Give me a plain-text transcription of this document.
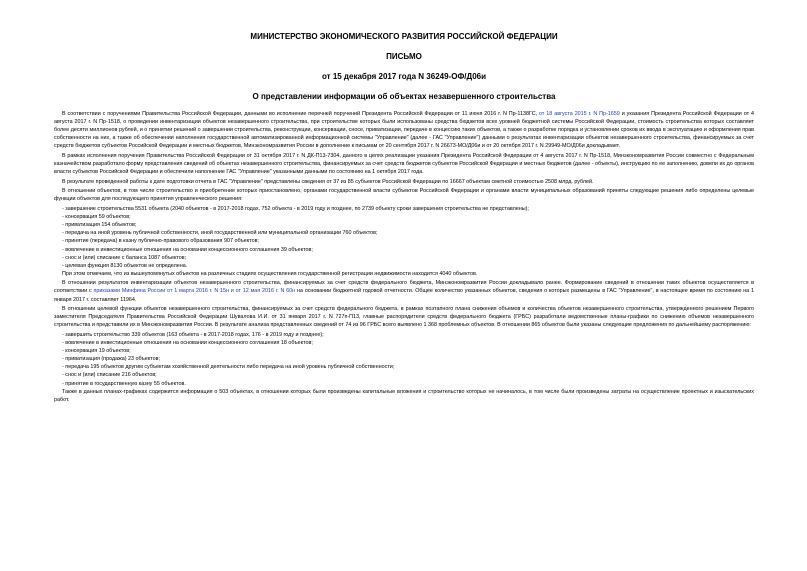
МИНИСТЕРСТВО ЭКОНОМИЧЕСКОГО РАЗВИТИЯ РОССИЙСКОЙ ФЕДЕРАЦИИ

ПИСЬМО

от 15 декабря 2017 года N 36249-ОФ/Д06и

О представлении информации об объектах незавершенного строительства

В соответствии с поручениями Правительства Российской Федерации, данными во исполнение перечней поручений Президента Российской Федерации от 11 июня 2016 г. N Пр-1138ГС, от 18 августа 2015 г. N Пр-1659 и указания Президента Российской Федерации от 4 августа 2017 г. N Пр-1518, о проведении инвентаризации объектов незавершенного строительства, при строительстве которых были использованы средства бюджетов всех уровней бюджетной системы Российской Федерации, стоимость строительства которых составляет более десяти миллионов рублей, и о принятии решений о завершении строительства, реконструкции, консервации, сносе, приватизации, передаче в концессию таких объектов, а также о разработке порядка и установлении сроков их ввода в эксплуатацию и оформления прав собственности на них, а также об обеспечении наполнения государственной автоматизированной информационной системы "Управление" (далее - ГАС "Управление") данными о результатах инвентаризации объектов незавершенного строительства, финансируемых за счет средств бюджетов субъектов Российской Федерации и местных бюджетов, Минэкономразвития России в дополнение к письмам от 20 сентября 2017 г. N 26673-МО/Д06и и от 20 октября 2017 г. N 29949-МО/Д06и докладывает.

В рамках исполнения поручения Правительства Российской Федерации от 31 октября 2017 г. N ДК-П13-7304, данного в целях реализации указания Президента Российской Федерации от 4 августа 2017 г. N Пр-1518, Минэкономразвития России совместно с Федеральным казначейством разработало форму представления сведений об объектах незавершенного строительства, финансируемых за счет средств бюджетов субъектов Российской Федерации и местных бюджетов (далее - объекты), инструкцию по ее заполнению, довели их до органов власти субъектов Российской Федерации и обеспечили наполнение ГАС "Управление" указанными данными по состоянию на 1 октября 2017 года.

В результате проведенной работы к дате подготовки отчета в ГАС "Управление" представлены сведения от 37 из 85 субъектов Российской Федерации по 16667 объектам сметной стоимостью 2508 млрд. рублей.

В отношении объектов, в том числе строительство и приобретение которых приостановлено, органами государственной власти субъектов Российской Федерации и органами власти муниципальных образований приняты следующие решения либо определены целевые функции объектов для последующего принятия управленческого решения:

- завершение строительства 5531 объекта (2040 объектов - в 2017-2018 годах, 752 объекта - в 2019 году и позднее, по 2739 объекту сроки завершения строительства не представлены);

- консервация 59 объектов;

- приватизация 154 объектов;

- передача на иной уровень публичной собственности, иной государственной или муниципальной организации 760 объектов;

- принятие (передача) в казну публично-правового образования 907 объектов;

- вовлечение в инвестиционные отношения на основании концессионного соглашения 39 объектов;

- снос и (или) списание с баланса 1087 объектов;

- целевая функция 8130 объектов не определена.

При этом отмечаем, что из вышеупомянутых объектов на различных стадиях осуществления государственной регистрации недвижимости находится 4040 объектов.

В отношении результатов инвентаризации объектов незавершенного строительства, финансируемых за счет средств федерального бюджета, Минэкономразвития России докладывало ранее. Формирование сведений в отношении таких объектов осуществляется в соответствии с приказами Минфина России от 1 марта 2016 г. N 15н и от 12 мая 2016 г. N 60н на основании бюджетной годовой отчетности. Общее количество указанных объектов, сведения о которых размещены в ГАС "Управление", в настоящее время по состоянию на 1 января 2017 г. составляет 11964.

В отношении целевой функции объектов незавершенного строительства, финансируемых за счет средств федерального бюджета, в рамках поэтапного плана снижения объемов и количества объектов незавершенного строительства, утвержденного решением Первого заместителя Председателя Правительства Российской Федерации Шувалова И.И. от 31 января 2017 г. N 727п-П13, главные распорядители средств федерального бюджета (ГРБС) разработали ведомственные планы-графики по снижению объемов незавершенного строительства и представили их в Минэкономразвития России. В результате анализа представленных сведений от 74 из 96 ГРБС всего выявлено 1 368 проблемных объектов. В отношении 865 объектов были указаны следующие предложения по дальнейшему распоряжению:

- завершить строительство 339 объектов (163 объекта - в 2017-2018 годах, 176 - в 2019 году и позднее);

- вовлечение в инвестиционные отношения на основании концессионного соглашения 18 объектов;

- консервация 19 объектов;

- приватизация (продажа) 23 объектов;

- передача 195 объектов другим субъектам хозяйственной деятельности либо передача на иной уровень публичной собственности;

- снос и (или) списание 216 объектов;

- принятие в государственную казну 55 объектов.

Также в данных планах-графиках содержится информация о 503 объектах, в отношении которых были произведены капитальные вложения и строительство которых не начиналось, в том числе были произведены затраты на осуществление проектных и изыскательских работ.
